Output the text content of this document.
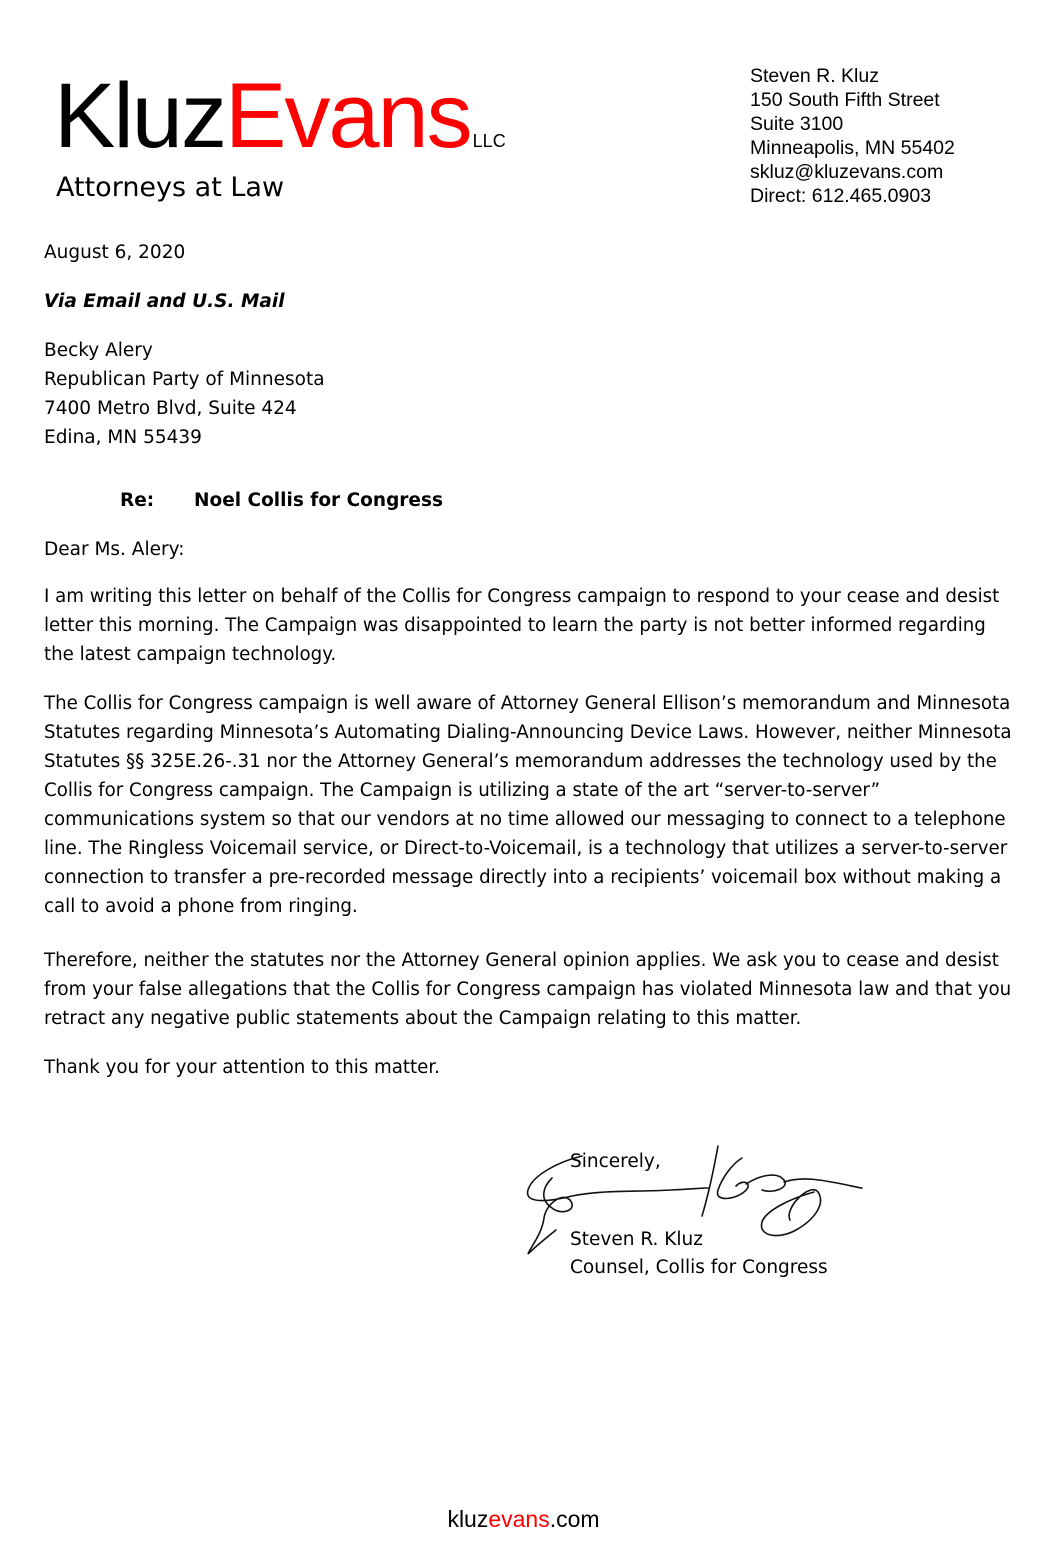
KluzEvans LLC
Attorneys at Law
Steven R. Kluz
150 South Fifth Street
Suite 3100
Minneapolis, MN 55402
skluz@kluzevans.com
Direct: 612.465.0903
August 6, 2020
Via Email and U.S. Mail
Becky Alery
Republican Party of Minnesota
7400 Metro Blvd, Suite 424
Edina, MN 55439
Re: Noel Collis for Congress
Dear Ms. Alery:

I am writing this letter on behalf of the Collis for Congress campaign to respond to your cease and desist letter this morning. The Campaign was disappointed to learn the party is not better informed regarding the latest campaign technology.

The Collis for Congress campaign is well aware of Attorney General Ellison’s memorandum and Minnesota Statutes regarding Minnesota’s Automating Dialing-Announcing Device Laws. However, neither Minnesota Statutes §§ 325E.26-.31 nor the Attorney General’s memorandum addresses the technology used by the Collis for Congress campaign. The Campaign is utilizing a state of the art “server-to-server” communications system so that our vendors at no time allowed our messaging to connect to a telephone line. The Ringless Voicemail service, or Direct-to-Voicemail, is a technology that utilizes a server-to-server connection to transfer a pre-recorded message directly into a recipients’ voicemail box without making a call to avoid a phone from ringing.

Therefore, neither the statutes nor the Attorney General opinion applies. We ask you to cease and desist from your false allegations that the Collis for Congress campaign has violated Minnesota law and that you retract any negative public statements about the Campaign relating to this matter.

Thank you for your attention to this matter.

Sincerely,
Steven R. Kluz
Counsel, Collis for Congress
kluzevans.com
